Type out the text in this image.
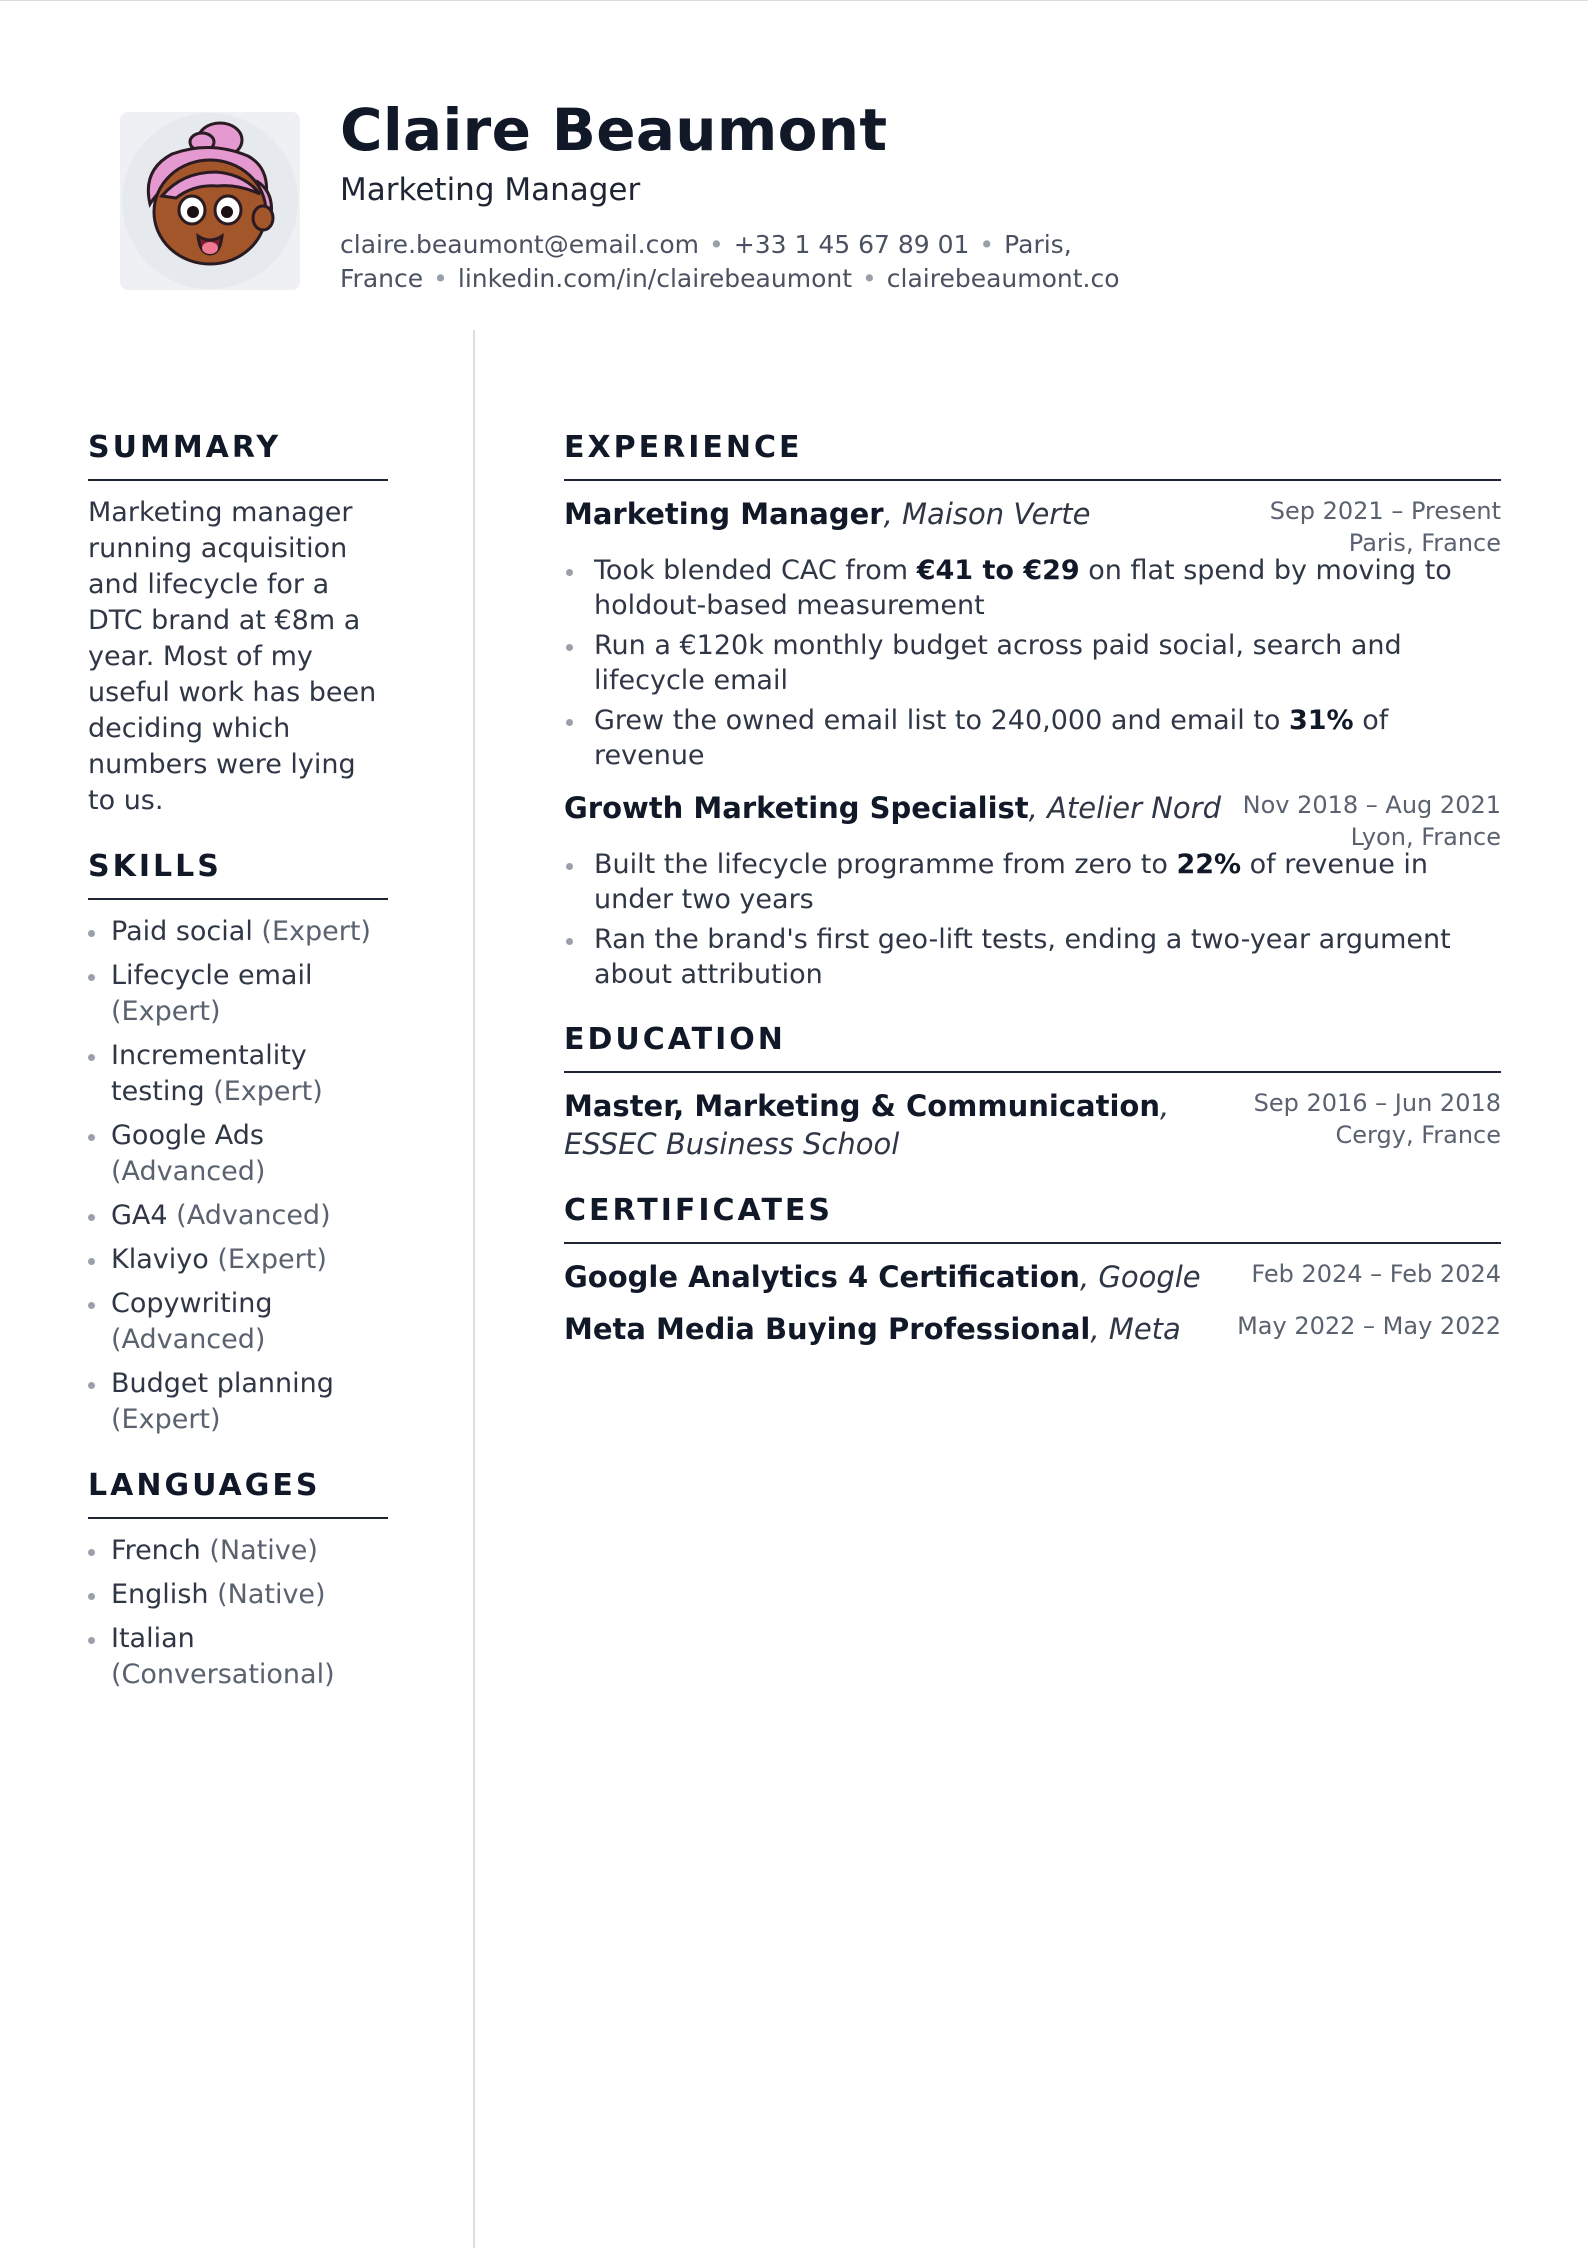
Claire Beaumont
Marketing Manager
claire.beaumont@email.com • +33 1 45 67 89 01 • Paris, France • linkedin.com/in/clairebeaumont • clairebeaumont.co
SUMMARY
Marketing manager running acquisition and lifecycle for a DTC brand at €8m a year. Most of my useful work has been deciding which numbers were lying to us.
SKILLS
Paid social (Expert)
Lifecycle email (Expert)
Incrementality testing (Expert)
Google Ads (Advanced)
GA4 (Advanced)
Klaviyo (Expert)
Copywriting (Advanced)
Budget planning (Expert)
LANGUAGES
French (Native)
English (Native)
Italian (Conversational)
EXPERIENCE
Marketing Manager, Maison Verte	Sep 2021 – Present
Paris, France
Took blended CAC from €41 to €29 on flat spend by moving to holdout-based measurement
Run a €120k monthly budget across paid social, search and lifecycle email
Grew the owned email list to 240,000 and email to 31% of revenue
Growth Marketing Specialist, Atelier Nord Nov 2018 – Aug 2021
Lyon, France
Built the lifecycle programme from zero to 22% of revenue in under two years
Ran the brand's first geo-lift tests, ending a two-year argument about attribution
EDUCATION
Master, Marketing & Communication,
ESSEC Business School
Sep 2016 – Jun 2018
Cergy, France
CERTIFICATES
Google Analytics 4 Certification, Google Feb 2024 – Feb 2024
Meta Media Buying Professional, Meta May 2022 – May 2022
